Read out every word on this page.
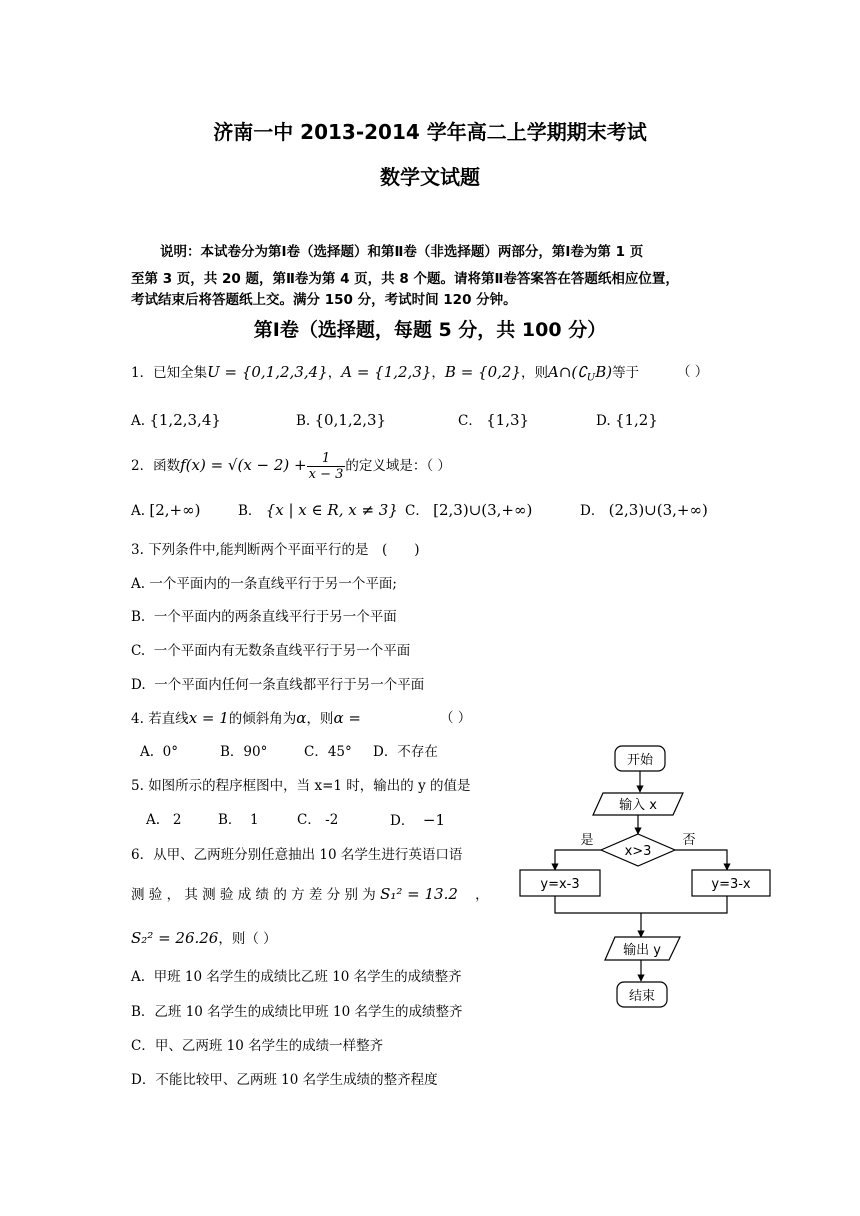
济南一中 2013-2014 学年高二上学期期末考试
数学文试题
说明：本试卷分为第Ⅰ卷（选择题）和第Ⅱ卷（非选择题）两部分，第Ⅰ卷为第 1 页
至第 3 页，共 20 题，第Ⅱ卷为第 4 页，共 8 个题。请将第Ⅱ卷答案答在答题纸相应位置，
考试结束后将答题纸上交。满分 150 分，考试时间 120 分钟。
第Ⅰ卷（选择题，每题 5 分，共 100 分）
1．已知全集U = {0,1,2,3,4}，A = {1,2,3}，B = {0,2}，则$A\cap(∁_UB)$等于	（ ）
A. {1,2,3,4}	B. {0,1,2,3}	C． {1,3}	D. {1,2}
2．函数$f(x) = √(x - 2) + \frac{1}{x - 3}$ 的定义域是：（ ）
A. [2,+∞)	B． {x | x ∈ R, x ≠ 3} C． [2,3)∪(3,+∞)	D． (2,3)∪(3,+∞)
3. 下列条件中,能判断两个平面平行的是　(　　)
A. 一个平面内的一条直线平行于另一个平面;
B. 一个平面内的两条直线平行于另一个平面
C. 一个平面内有无数条直线平行于另一个平面
D. 一个平面内任何一条直线都平行于另一个平面
4. 若直线x = 1的倾斜角为α，则α =	（ ）
A. 0°	B．90°	C．45° D．不存在
5. 如图所示的程序框图中，当 x=1 时，输出的 y 的值是
A. 2	B． 1	C． -2	D． −1
6．从甲、乙两班分别任意抽出 10 名学生进行英语口语
测 验 ， 其 测 验 成 绩 的 方 差 分 别 为 S₁² = 13.2 ，
S₂² = 26.26，则（ ）
A. 甲班 10 名学生的成绩比乙班 10 名学生的成绩整齐
B．乙班 10 名学生的成绩比甲班 10 名学生的成绩整齐
C．甲、乙两班 10 名学生的成绩一样整齐
D．不能比较甲、乙两班 10 名学生成绩的整齐程度
开始
输入 x
x>3
是	否
y=x-3	y=3-x
输出 y
结束
